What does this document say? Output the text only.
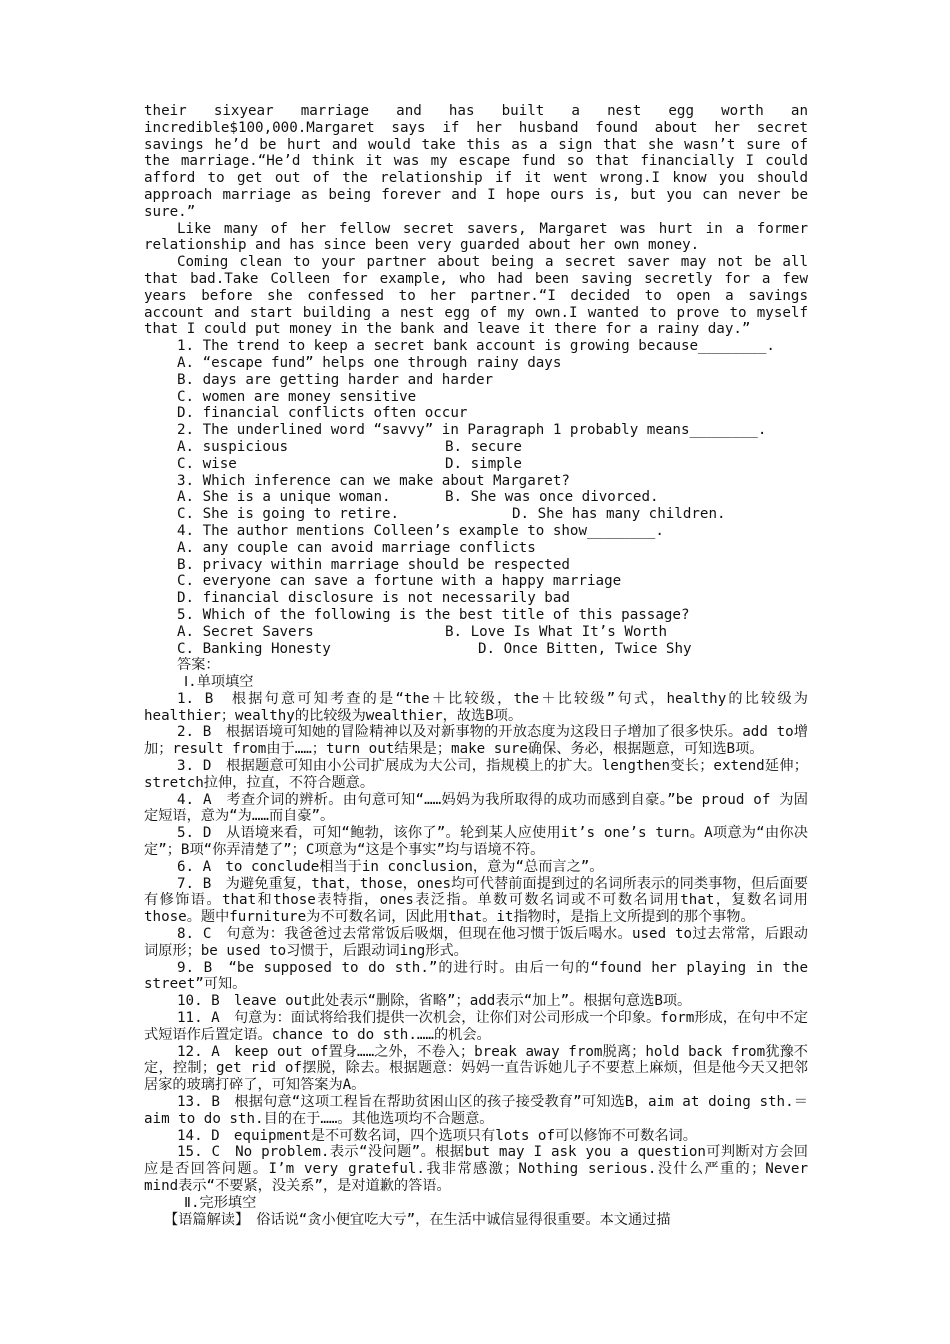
their sixyear marriage and has built a nest egg worth an incredible$100,000.Margaret says if her husband found about her secret savings he’d be hurt and would take this as a sign that she wasn’t sure of the marriage.“He’d think it was my escape fund so that financially I could afford to get out of the relationship if it went wrong.I know you should approach marriage as being forever and I hope ours is, but you can never be sure.”

Like many of her fellow secret savers, Margaret was hurt in a former relationship and has since been very guarded about her own money.

Coming clean to your partner about being a secret saver may not be all that bad.Take Colleen for example, who had been saving secretly for a few years before she confessed to her partner.“I decided to open a savings account and start building a nest egg of my own.I wanted to prove to myself that I could put money in the bank and leave it there for a rainy day.”

1. The trend to keep a secret bank account is growing because________.

A. “escape fund” helps one through rainy days

B. days are getting harder and harder

C. women are money sensitive

D. financial conflicts often occur

2. The underlined word “savvy” in Paragraph 1 probably means________.

A. suspicious	B. secure
C. wise	D. simple

3. Which inference can we make about Margaret?

A. She is a unique woman.	B. She was once divorced.
C. She is going to retire.	D. She has many children.

4. The author mentions Colleen’s example to show________.

A. any couple can avoid marriage conflicts

B. privacy within marriage should be respected

C. everyone can save a fortune with a happy marriage

D. financial disclosure is not necessarily bad

5. Which of the following is the best title of this passage?

A. Secret Savers	B. Love Is What It’s Worth
C. Banking Honesty	D. Once Bitten, Twice Shy

答案：

Ⅰ.单项填空

1. B　根据句意可知考查的是“the＋比较级，the＋比较级”句式，healthy的比较级为healthier；wealthy的比较级为wealthier，故选B项。

2. B　根据语境可知她的冒险精神以及对新事物的开放态度为这段日子增加了很多快乐。add to增加；result from由于……；turn out结果是；make sure确保、务必，根据题意，可知选B项。

3. D　根据题意可知由小公司扩展成为大公司，指规模上的扩大。lengthen变长；extend延伸；stretch拉伸，拉直，不符合题意。

4. A　考查介词的辨析。由句意可知“……妈妈为我所取得的成功而感到自豪。”be proud of 为固定短语，意为“为……而自豪”。

5. D　从语境来看，可知“鲍勃，该你了”。轮到某人应使用it’s one’s turn。A项意为“由你决定”；B项“你弄清楚了”；C项意为“这是个事实”均与语境不符。

6. A　to conclude相当于in conclusion，意为“总而言之”。

7. B　为避免重复，that，those，ones均可代替前面提到过的名词所表示的同类事物，但后面要有修饰语。that和those表特指，ones表泛指。单数可数名词或不可数名词用that，复数名词用those。题中furniture为不可数名词，因此用that。it指物时，是指上文所提到的那个事物。

8. C　句意为：我爸爸过去常常饭后吸烟，但现在他习惯于饭后喝水。used to过去常常，后跟动词原形；be used to习惯于，后跟动词ing形式。

9. B　“be supposed to do sth.”的进行时。由后一句的“found her playing in the street”可知。

10. B　leave out此处表示“删除，省略”；add表示“加上”。根据句意选B项。

11. A　句意为：面试将给我们提供一次机会，让你们对公司形成一个印象。form形成，在句中不定式短语作后置定语。chance to do sth.……的机会。

12. A　keep out of置身……之外，不卷入；break away from脱离；hold back from犹豫不定，控制；get rid of摆脱，除去。根据题意：妈妈一直告诉她儿子不要惹上麻烦，但是他今天又把邻居家的玻璃打碎了，可知答案为A。

13. B　根据句意“这项工程旨在帮助贫困山区的孩子接受教育”可知选B，aim at doing sth.＝aim to do sth.目的在于……。其他选项均不合题意。

14. D　equipment是不可数名词，四个选项只有lots of可以修饰不可数名词。

15. C　No problem.表示“没问题”。根据but may I ask you a question可判断对方会回应是否回答问题。I’m very grateful.我非常感激；Nothing serious.没什么严重的；Never mind表示“不要紧，没关系”，是对道歉的答语。

Ⅱ.完形填空

【语篇解读】　俗话说“贪小便宜吃大亏”，在生活中诚信显得很重要。本文通过描
